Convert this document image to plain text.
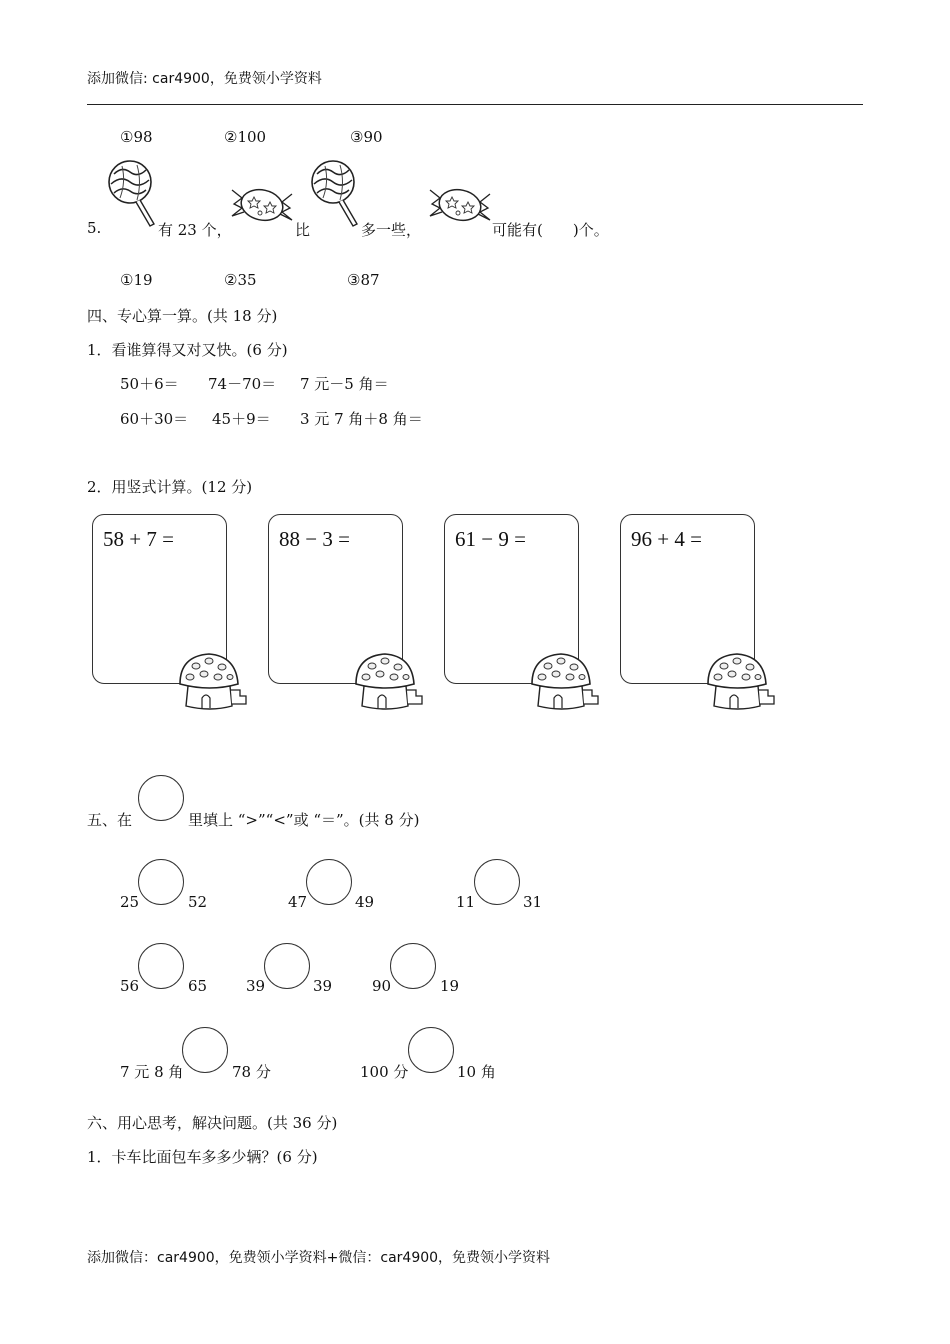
添加微信: car4900，免费领小学资料
①98	②100	③90
5.	有 23 个，	比	多一些，	可能有(　　)个。
①19	②35	③87
四、专心算一算。(共 18 分)
1．看谁算得又对又快。(6 分)
50＋6＝ 74－70＝ 7 元－5 角＝
60＋30＝ 45＋9＝ 3 元 7 角＋8 角＝
2．用竖式计算。(12 分)
58 + 7 =	88 − 3 =	61 − 9 =	96 + 4 =
五、在	里填上 “>”“<”或 “＝”。(共 8 分)
25	52	47	49	11	31
56	65	39	39	90	19
7 元 8 角	78 分	100 分	10 角
六、用心思考，解决问题。(共 36 分)
1．卡车比面包车多多少辆？(6 分)
添加微信：car4900，免费领小学资料+微信：car4900，免费领小学资料
